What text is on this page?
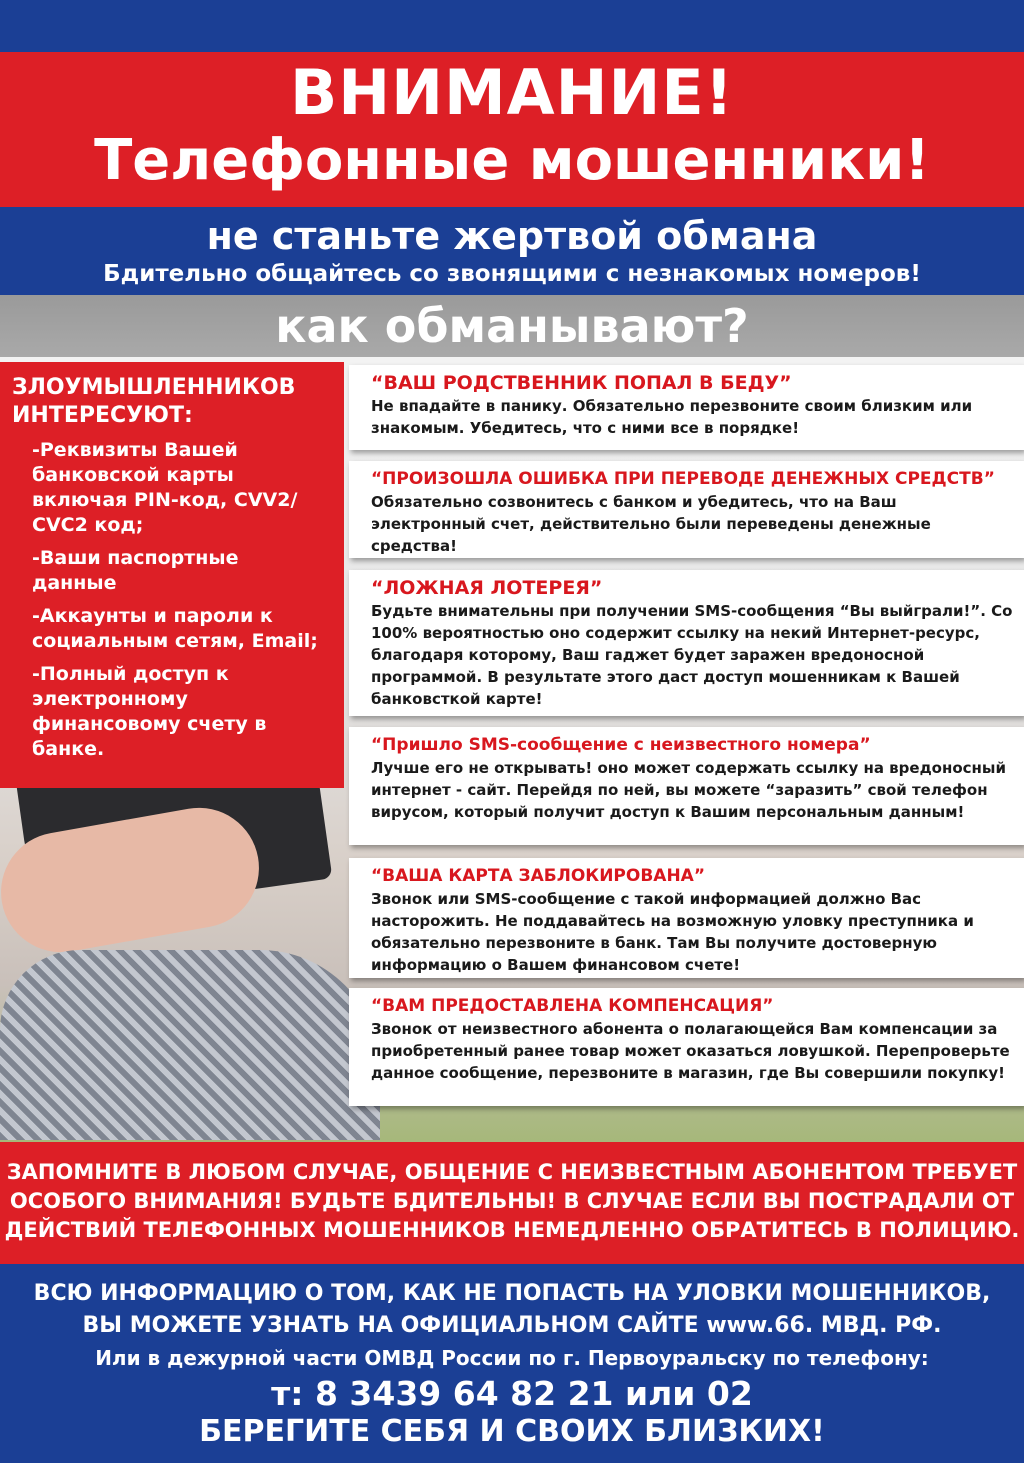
ВНИМАНИЕ!
Телефонные мошенники!
не станьте жертвой обмана
Бдительно общайтесь со звонящими с незнакомых номеров!
как обманывают?
ЗЛОУМЫШЛЕННИКОВ
ИНТЕРЕСУЮТ:
-Реквизиты Вашей банковской карты включая PIN-код, CVV2/ CVC2 код;
-Ваши паспортные данные
-Аккаунты и пароли к социальным сетям, Email;
-Полный доступ к электронному финансовому счету в банке.
“ВАШ РОДСТВЕННИК ПОПАЛ В БЕДУ”
Не впадайте в панику. Обязательно перезвоните своим близким или знакомым. Убедитесь, что с ними все в порядке!
“ПРОИЗОШЛА ОШИБКА ПРИ ПЕРЕВОДЕ ДЕНЕЖНЫХ СРЕДСТВ”
Обязательно созвонитесь с банком и убедитесь, что на Ваш электронный счет, действительно были переведены денежные средства!
“ЛОЖНАЯ ЛОТЕРЕЯ”
Будьте внимательны при получении SMS-сообщения “Вы выйграли!”. Со 100% вероятностью оно содержит ссылку на некий Интернет-ресурс, благодаря которому, Ваш гаджет будет заражен вредоносной программой. В результате этого даст доступ мошенникам к Вашей банковсткой карте!
“Пришло SMS-сообщение с неизвестного номера”
Лучше его не открывать! оно может содержать ссылку на вредоносный интернет - сайт. Перейдя по ней, вы можете “заразить” свой телефон вирусом, который получит доступ к Вашим персональным данным!
“ВАША КАРТА ЗАБЛОКИРОВАНА”
Звонок или SMS-сообщение с такой информацией должно Вас насторожить. Не поддавайтесь на возможную уловку преступника и обязательно перезвоните в банк. Там Вы получите достоверную информацию о Вашем финансовом счете!
“ВАМ ПРЕДОСТАВЛЕНА КОМПЕНСАЦИЯ”
Звонок от неизвестного абонента о полагающейся Вам компенсации за приобретенный ранее товар может оказаться ловушкой. Перепроверьте данное сообщение, перезвоните в магазин, где Вы совершили покупку!
ЗАПОМНИТЕ В ЛЮБОМ СЛУЧАЕ, ОБЩЕНИЕ С НЕИЗВЕСТНЫМ АБОНЕНТОМ ТРЕБУЕТ
ОСОБОГО ВНИМАНИЯ! БУДЬТЕ БДИТЕЛЬНЫ! В СЛУЧАЕ ЕСЛИ ВЫ ПОСТРАДАЛИ ОТ
ДЕЙСТВИЙ ТЕЛЕФОННЫХ МОШЕННИКОВ НЕМЕДЛЕННО ОБРАТИТЕСЬ В ПОЛИЦИЮ.
ВСЮ ИНФОРМАЦИЮ О ТОМ, КАК НЕ ПОПАСТЬ НА УЛОВКИ МОШЕННИКОВ,
ВЫ МОЖЕТЕ УЗНАТЬ НА ОФИЦИАЛЬНОМ САЙТЕ www.66. МВД. РФ.
Или в дежурной части ОМВД России по г. Первоуральску по телефону:
т: 8 3439 64 82 21 или 02
БЕРЕГИТЕ СЕБЯ И СВОИХ БЛИЗКИХ!
